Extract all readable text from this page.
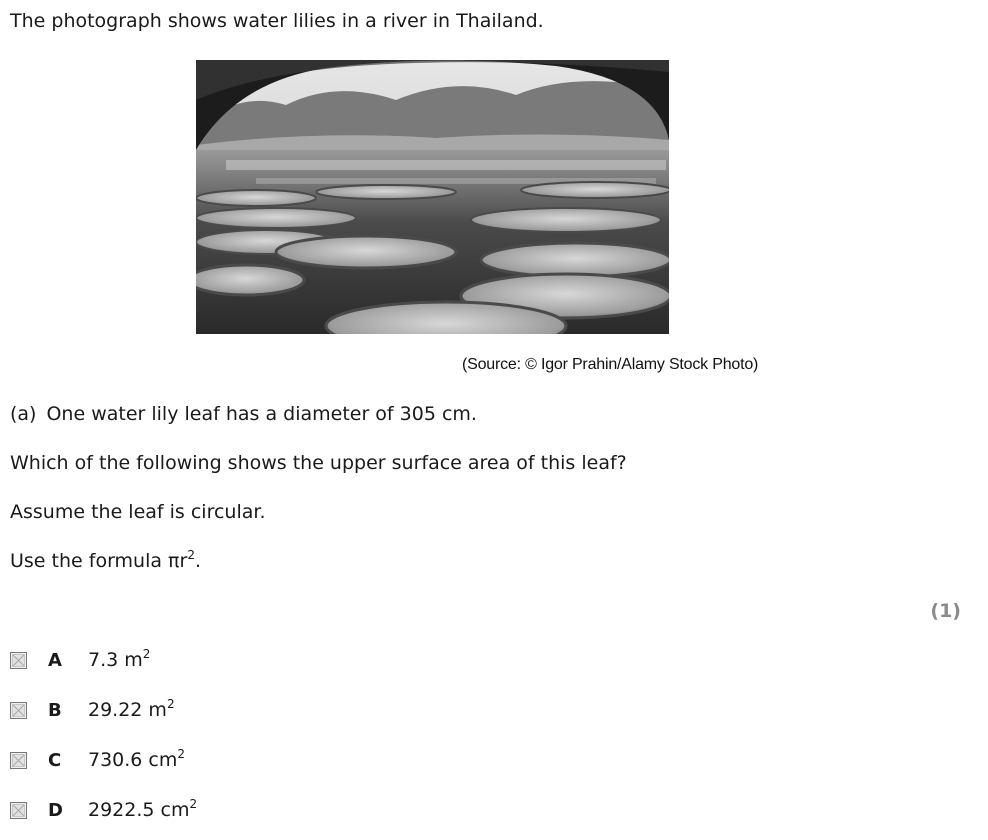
The photograph shows water lilies in a river in Thailand.

(Source: © Igor Prahin/Alamy Stock Photo)

(a) One water lily leaf has a diameter of 305 cm.

Which of the following shows the upper surface area of this leaf?

Assume the leaf is circular.

Use the formula $\pi r^2$.

(1)
A	7.3 $m^2$
B	29.22 $m^2$
C	730.6 $cm^2$
D	2922.5 $cm^2$
